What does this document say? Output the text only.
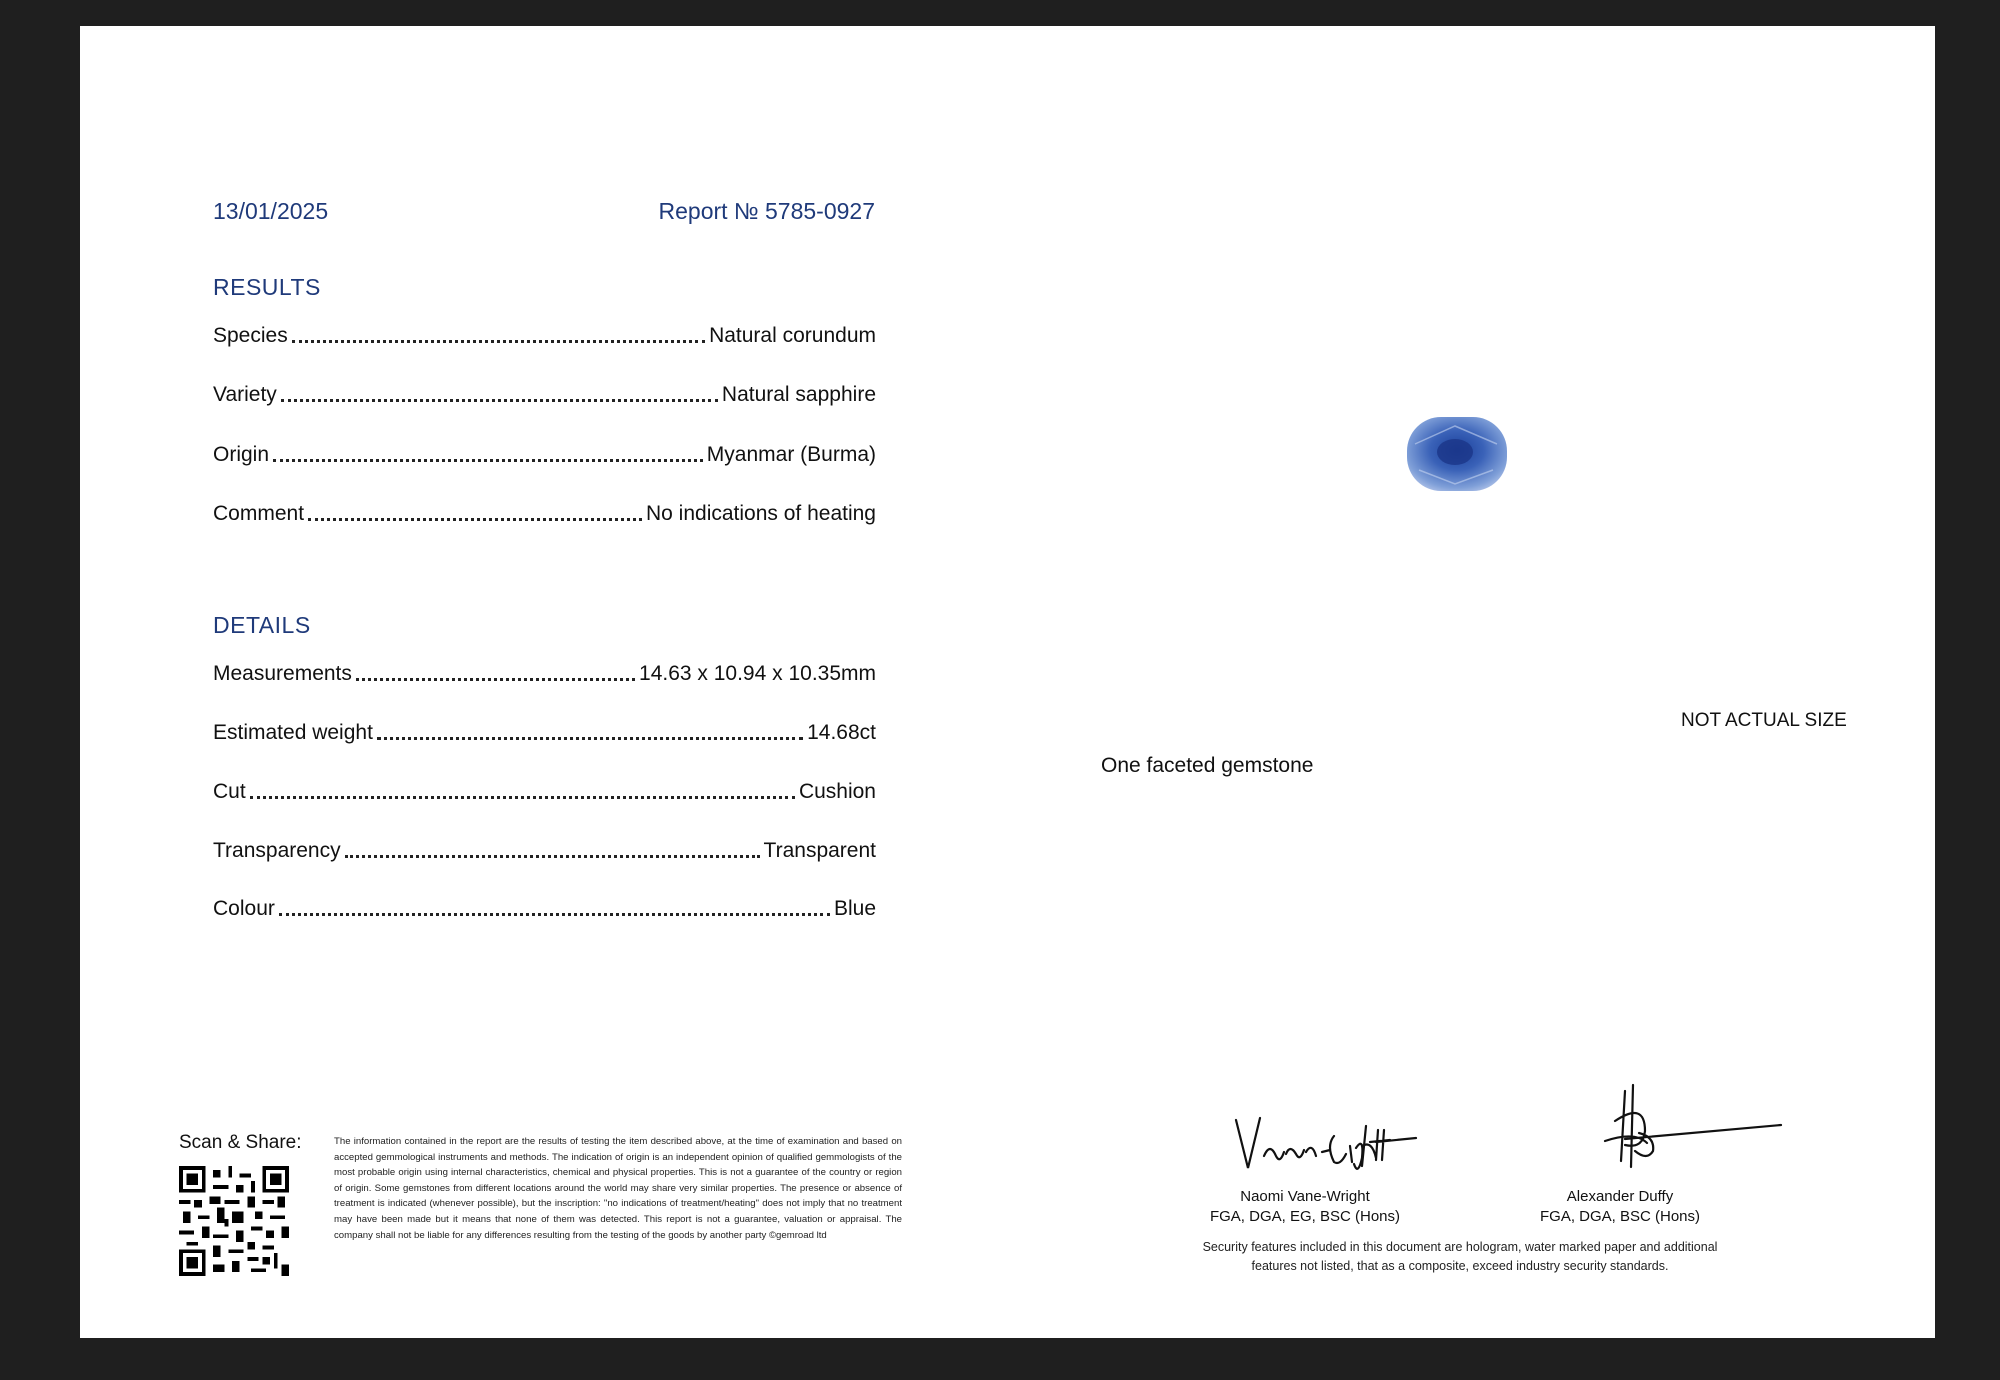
13/01/2025	Report № 5785-0927
RESULTS
Species	Natural corundum
Variety	Natural sapphire
Origin	Myanmar (Burma)
Comment	No indications of heating
DETAILS
Measurements	14.63 x 10.94 x 10.35mm
Estimated weight	14.68ct
Cut	Cushion
Transparency	Transparent
Colour	Blue
NOT ACTUAL SIZE
One faceted gemstone
Scan & Share:	The information contained in the report are the results of testing the item described above, at the time of examination and based on accepted gemmological instruments and methods. The indication of origin is an independent opinion of qualified gemmologists of the most probable origin using internal characteristics, chemical and physical properties. This is not a guarantee of the country or region of origin. Some gemstones from different locations around the world may share very similar properties. The presence or absence of treatment is indicated (whenever possible), but the inscription: "no indications of treatment/heating" does not imply that no treatment may have been made but it means that none of them was detected. This report is not a guarantee, valuation or appraisal. The company shall not be liable for any differences resulting from the testing of the goods by another party ©gemroad ltd
Naomi Vane-Wright
FGA, DGA, EG, BSC (Hons)
Alexander Duffy
FGA, DGA, BSC (Hons)
Security features included in this document are hologram, water marked paper and additional features not listed, that as a composite, exceed industry security standards.
